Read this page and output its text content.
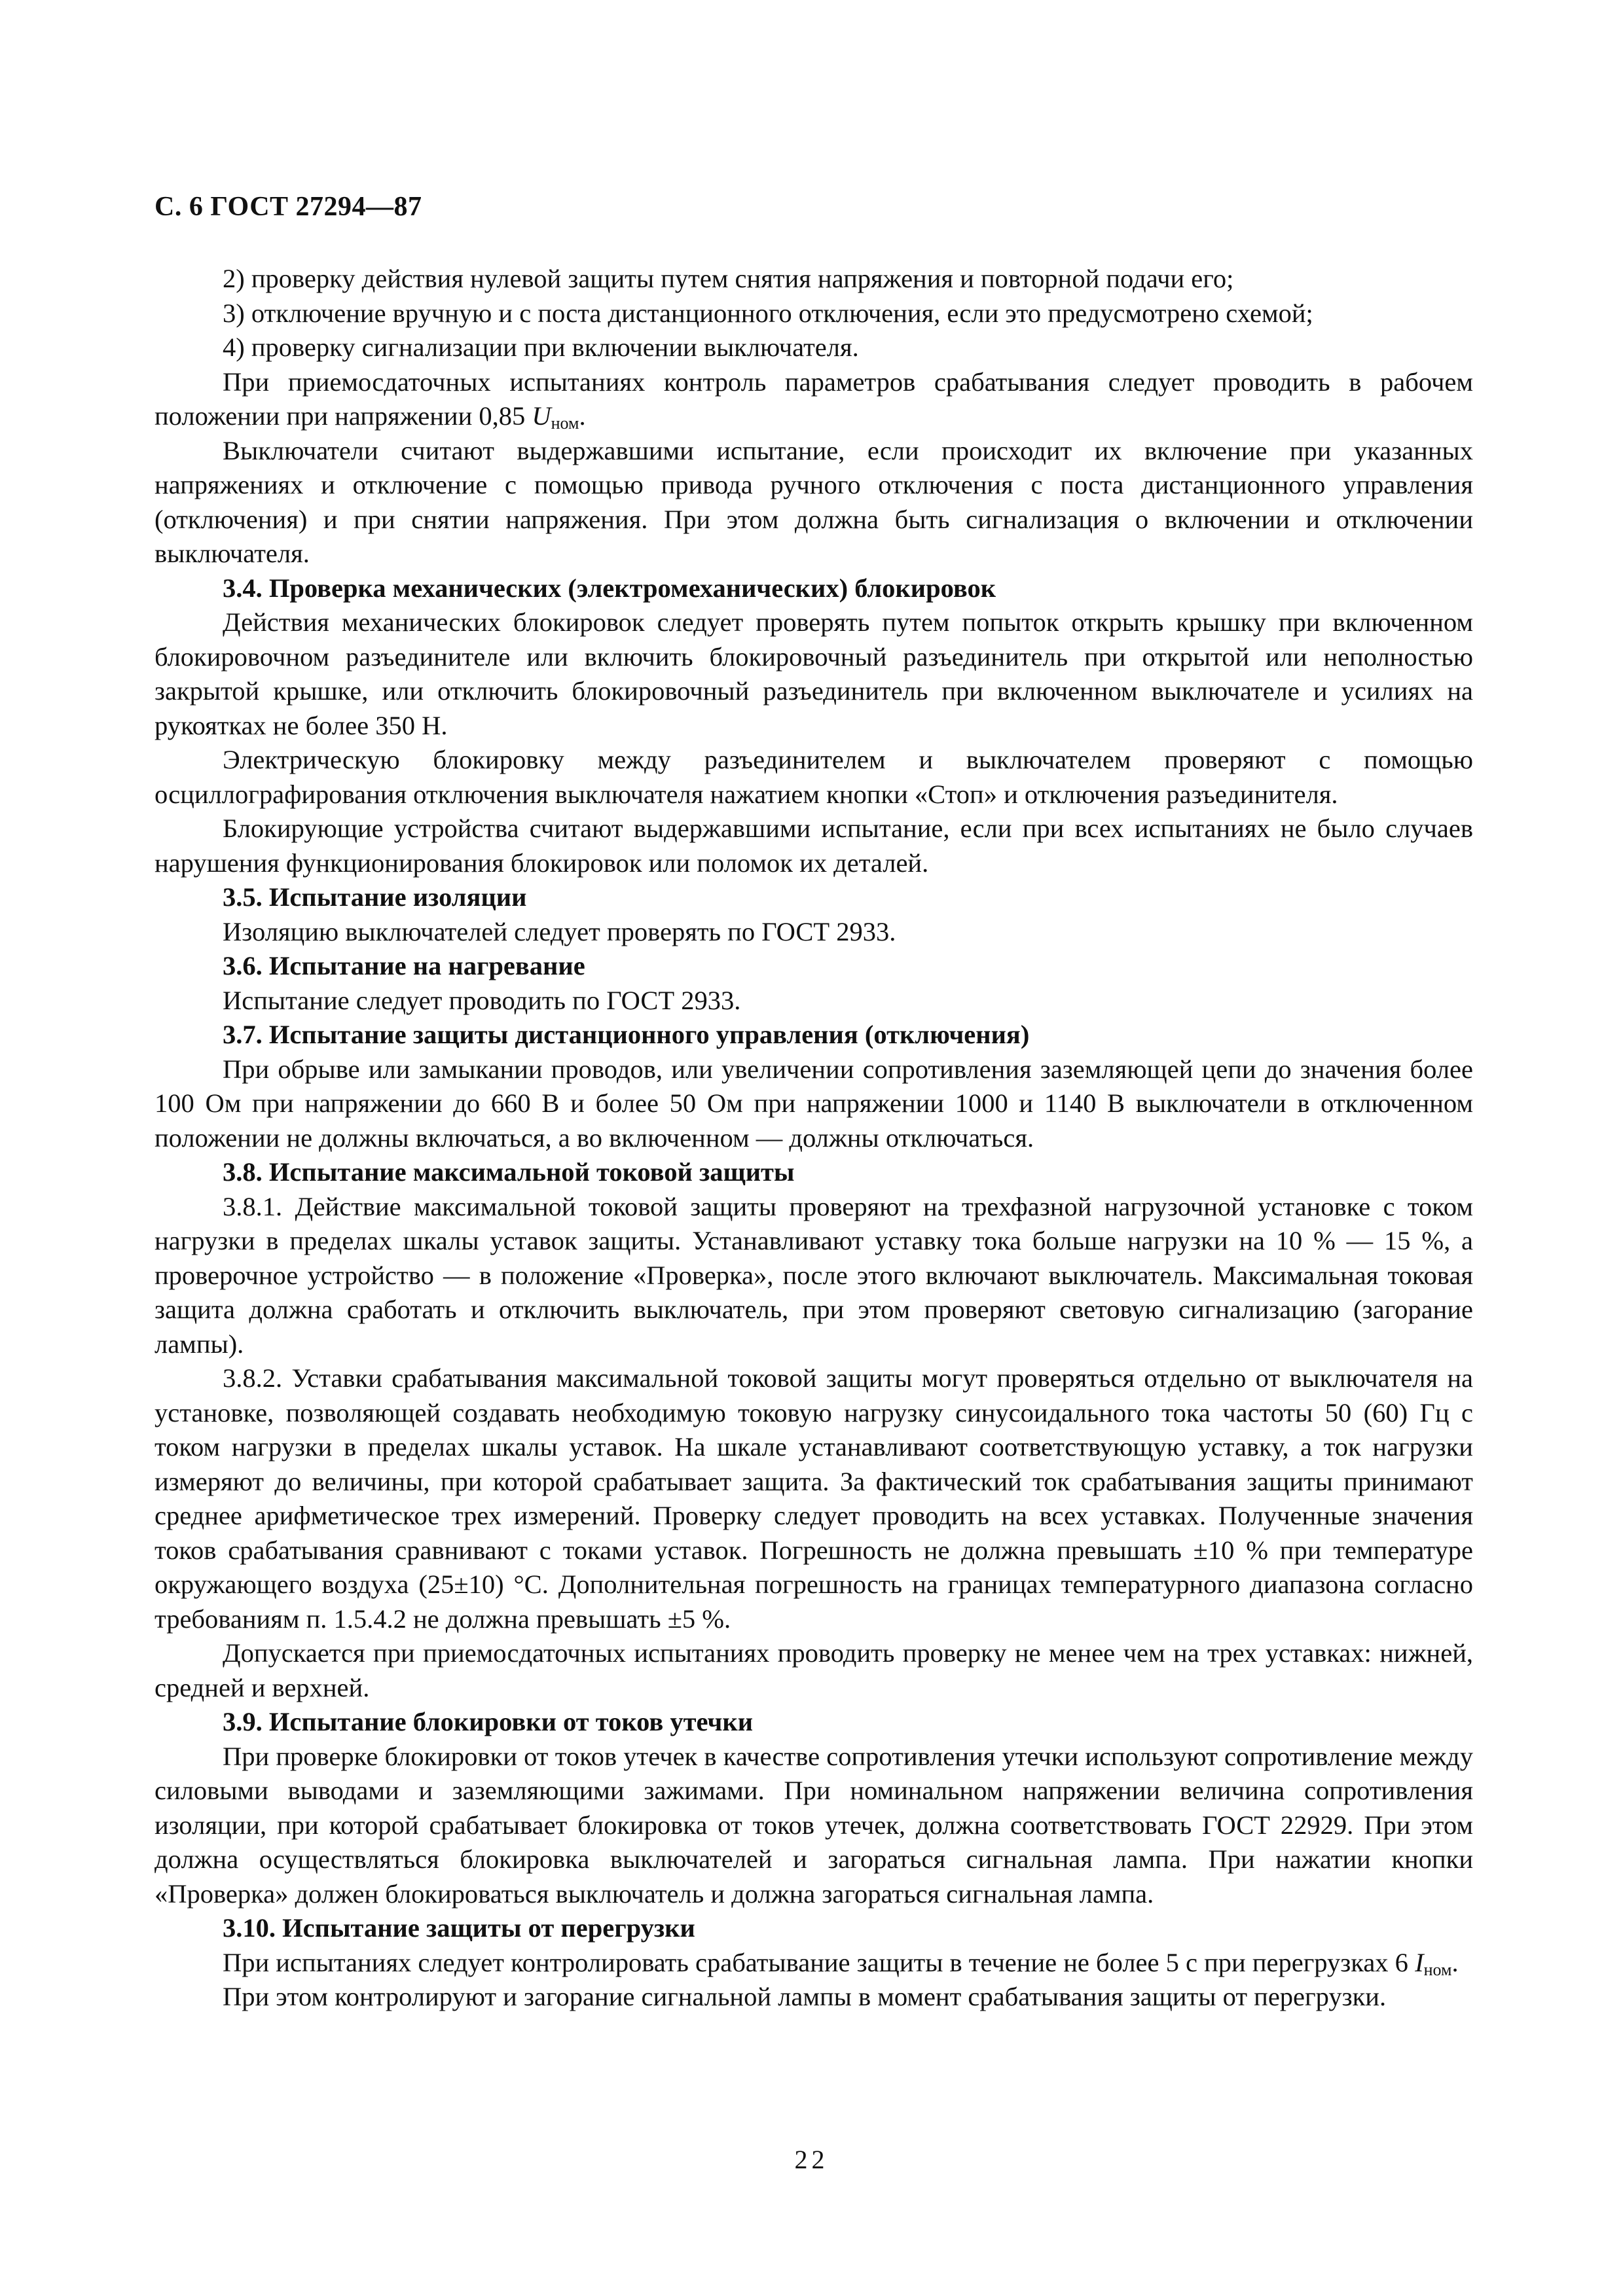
С. 6 ГОСТ 27294—87

2) проверку действия нулевой защиты путем снятия напряжения и повторной подачи его;

3) отключение вручную и с поста дистанционного отключения, если это предусмотрено схемой;

4) проверку сигнализации при включении выключателя.

При приемосдаточных испытаниях контроль параметров срабатывания следует проводить в рабочем положении при напряжении 0,85 $U_{ном}$.

Выключатели считают выдержавшими испытание, если происходит их включение при указанных напряжениях и отключение с помощью привода ручного отключения с поста дистанционного управления (отключения) и при снятии напряжения. При этом должна быть сигнализация о включении и отключении выключателя.

3.4. Проверка механических (электромеханических) блокировок

Действия механических блокировок следует проверять путем попыток открыть крышку при включенном блокировочном разъединителе или включить блокировочный разъединитель при открытой или неполностью закрытой крышке, или отключить блокировочный разъединитель при включенном выключателе и усилиях на рукоятках не более 350 Н.

Электрическую блокировку между разъединителем и выключателем проверяют с помощью осциллографирования отключения выключателя нажатием кнопки «Стоп» и отключения разъединителя.

Блокирующие устройства считают выдержавшими испытание, если при всех испытаниях не было случаев нарушения функционирования блокировок или поломок их деталей.

3.5. Испытание изоляции

Изоляцию выключателей следует проверять по ГОСТ 2933.

3.6. Испытание на нагревание

Испытание следует проводить по ГОСТ 2933.

3.7. Испытание защиты дистанционного управления (отключения)

При обрыве или замыкании проводов, или увеличении сопротивления заземляющей цепи до значения более 100 Ом при напряжении до 660 В и более 50 Ом при напряжении 1000 и 1140 В выключатели в отключенном положении не должны включаться, а во включенном — должны отключаться.

3.8. Испытание максимальной токовой защиты

3.8.1. Действие максимальной токовой защиты проверяют на трехфазной нагрузочной установке с током нагрузки в пределах шкалы уставок защиты. Устанавливают уставку тока больше нагрузки на 10 % — 15 %, а проверочное устройство — в положение «Проверка», после этого включают выключатель. Максимальная токовая защита должна сработать и отключить выключатель, при этом проверяют световую сигнализацию (загорание лампы).

3.8.2. Уставки срабатывания максимальной токовой защиты могут проверяться отдельно от выключателя на установке, позволяющей создавать необходимую токовую нагрузку синусоидального тока частоты 50 (60) Гц с током нагрузки в пределах шкалы уставок. На шкале устанавливают соответствующую уставку, а ток нагрузки измеряют до величины, при которой срабатывает защита. За фактический ток срабатывания защиты принимают среднее арифметическое трех измерений. Проверку следует проводить на всех уставках. Полученные значения токов срабатывания сравнивают с токами уставок. Погрешность не должна превышать ±10 % при температуре окружающего воздуха (25±10) °С. Дополнительная погрешность на границах температурного диапазона согласно требованиям п. 1.5.4.2 не должна превышать ±5 %.

Допускается при приемосдаточных испытаниях проводить проверку не менее чем на трех уставках: нижней, средней и верхней.

3.9. Испытание блокировки от токов утечки

При проверке блокировки от токов утечек в качестве сопротивления утечки используют сопротивление между силовыми выводами и заземляющими зажимами. При номинальном напряжении величина сопротивления изоляции, при которой срабатывает блокировка от токов утечек, должна соответствовать ГОСТ 22929. При этом должна осуществляться блокировка выключателей и загораться сигнальная лампа. При нажатии кнопки «Проверка» должен блокироваться выключатель и должна загораться сигнальная лампа.

3.10. Испытание защиты от перегрузки

При испытаниях следует контролировать срабатывание защиты в течение не более 5 с при перегрузках 6 $I_{ном}$.

При этом контролируют и загорание сигнальной лампы в момент срабатывания защиты от перегрузки.

22
